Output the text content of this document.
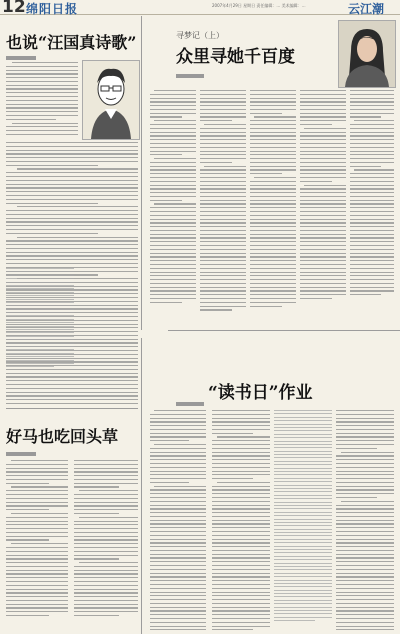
12 绵阳日报	2007年4月29日 星期日 责任编辑：… 美术编辑：…	云江潮
也说“汪国真诗歌”
好马也吃回头草
寻梦记（上）
众里寻她千百度
“读书日”作业
